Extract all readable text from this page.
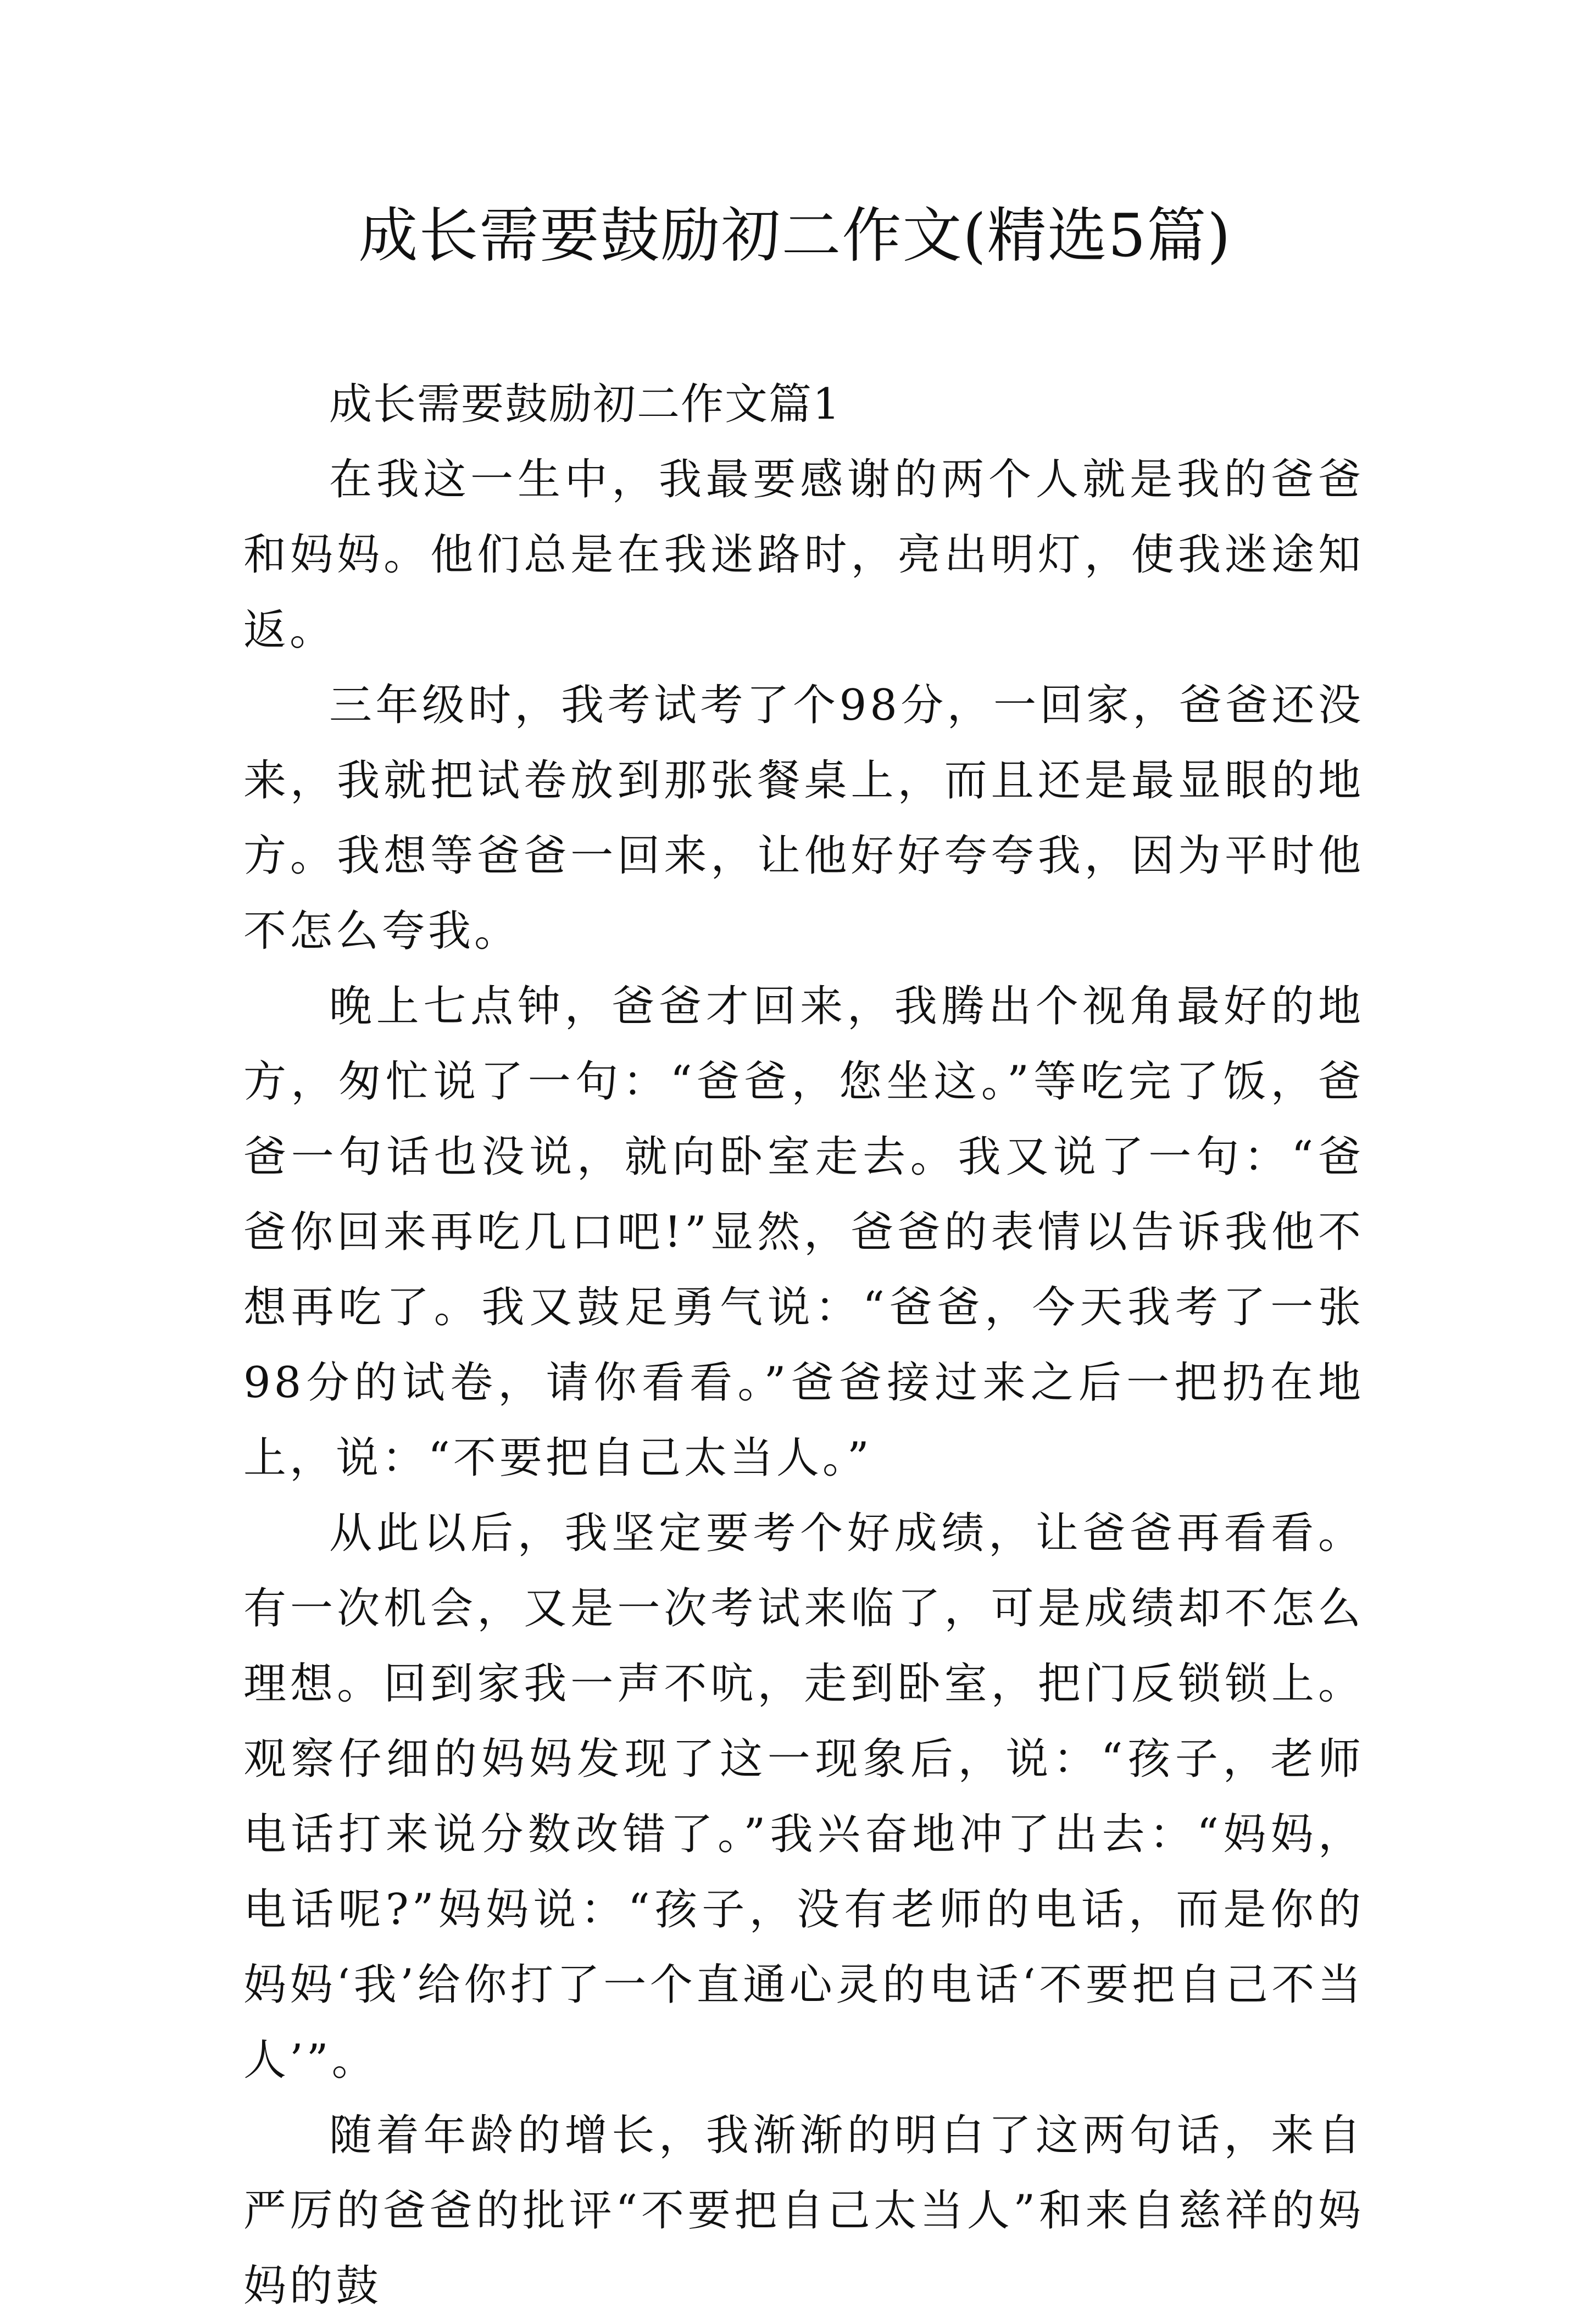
成长需要鼓励初二作文(精选5篇)

成长需要鼓励初二作文篇1

在我这一生中，我最要感谢的两个人就是我的爸爸和妈妈。他们总是在我迷路时，亮出明灯，使我迷途知返。

三年级时，我考试考了个98分，一回家，爸爸还没来，我就把试卷放到那张餐桌上，而且还是最显眼的地方。我想等爸爸一回来，让他好好夸夸我，因为平时他不怎么夸我。

晚上七点钟，爸爸才回来，我腾出个视角最好的地方，匆忙说了一句：“爸爸，您坐这。”等吃完了饭，爸爸一句话也没说，就向卧室走去。我又说了一句：“爸爸你回来再吃几口吧!”显然，爸爸的表情以告诉我他不想再吃了。我又鼓足勇气说：“爸爸，今天我考了一张98分的试卷，请你看看。”爸爸接过来之后一把扔在地上，说：“不要把自己太当人。”

从此以后，我坚定要考个好成绩，让爸爸再看看。有一次机会，又是一次考试来临了，可是成绩却不怎么理想。回到家我一声不吭，走到卧室，把门反锁锁上。观察仔细的妈妈发现了这一现象后，说：“孩子，老师电话打来说分数改错了。”我兴奋地冲了出去：“妈妈，电话呢?”妈妈说：“孩子，没有老师的电话，而是你的妈妈‘我’给你打了一个直通心灵的电话‘不要把自己不当人’”。

随着年龄的增长，我渐渐的明白了这两句话，来自严厉的爸爸的批评“不要把自己太当人”和来自慈祥的妈妈的鼓
